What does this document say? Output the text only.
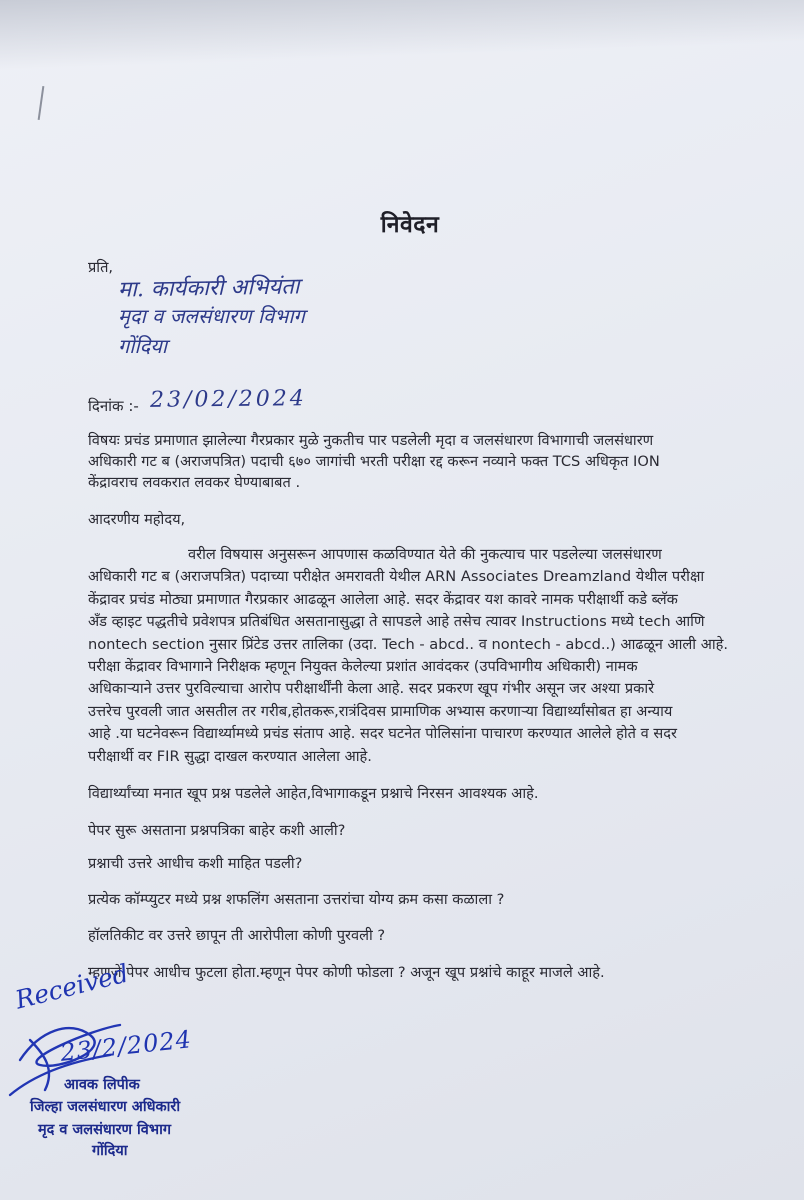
निवेदन
प्रति,
मा. कार्यकारी अभियंता
मृदा व जलसंधारण विभाग
गोंदिया
दिनांक :- 23/02/2024
विषयः प्रचंड प्रमाणात झालेल्या गैरप्रकार मुळे नुकतीच पार पडलेली मृदा व जलसंधारण विभागाची जलसंधारण
अधिकारी गट ब (अराजपत्रित) पदाची ६७० जागांची भरती परीक्षा रद्द करून नव्याने फक्त TCS अधिकृत ION
केंद्रावराच लवकरात लवकर घेण्याबाबत .
आदरणीय महोदय,
वरील विषयास अनुसरून आपणास कळविण्यात येते की नुकत्याच पार पडलेल्या जलसंधारण
अधिकारी गट ब (अराजपत्रित) पदाच्या परीक्षेत अमरावती येथील ARN Associates Dreamzland येथील परीक्षा
केंद्रावर प्रचंड मोठ्या प्रमाणात गैरप्रकार आढळून आलेला आहे. सदर केंद्रावर यश कावरे नामक परीक्षार्थी कडे ब्लॅक
अँड व्हाइट पद्धतीचे प्रवेशपत्र प्रतिबंधित असतानासुद्धा ते सापडले आहे तसेच त्यावर Instructions मध्ये tech आणि
nontech section नुसार प्रिंटेड उत्तर तालिका (उदा. Tech - abcd.. व nontech - abcd..) आढळून आली आहे.
परीक्षा केंद्रावर विभागाने निरीक्षक म्हणून नियुक्त केलेल्या प्रशांत आवंदकर (उपविभागीय अधिकारी) नामक
अधिकाऱ्याने उत्तर पुरविल्याचा आरोप परीक्षार्थींनी केला आहे. सदर प्रकरण खूप गंभीर असून जर अश्या प्रकारे
उत्तरेच पुरवली जात असतील तर गरीब,होतकरू,रात्रंदिवस प्रामाणिक अभ्यास करणाऱ्या विद्यार्थ्यांसोबत हा अन्याय
आहे .या घटनेवरून विद्यार्थ्यामध्ये प्रचंड संताप आहे. सदर घटनेत पोलिसांना पाचारण करण्यात आलेले होते व सदर
परीक्षार्थी वर FIR सुद्धा दाखल करण्यात आलेला आहे.
विद्यार्थ्यांच्या मनात खूप प्रश्न पडलेले आहेत,विभागाकडून प्रश्नाचे निरसन आवश्यक आहे.
पेपर सुरू असताना प्रश्नपत्रिका बाहेर कशी आली?
प्रश्नाची उत्तरे आधीच कशी माहित पडली?
प्रत्येक कॉम्प्युटर मध्ये प्रश्न शफलिंग असताना उत्तरांचा योग्य क्रम कसा कळाला ?
हॉलतिकीट वर उत्तरे छापून ती आरोपीला कोणी पुरवली ?
म्हणजे पेपर आधीच फुटला होता.म्हणून पेपर कोणी फोडला ? अजून खूप प्रश्नांचे काहूर माजले आहे.
Received
23/2/2024
आवक लिपीक
जिल्हा जलसंधारण अधिकारी
मृद व जलसंधारण विभाग
गोंदिया
